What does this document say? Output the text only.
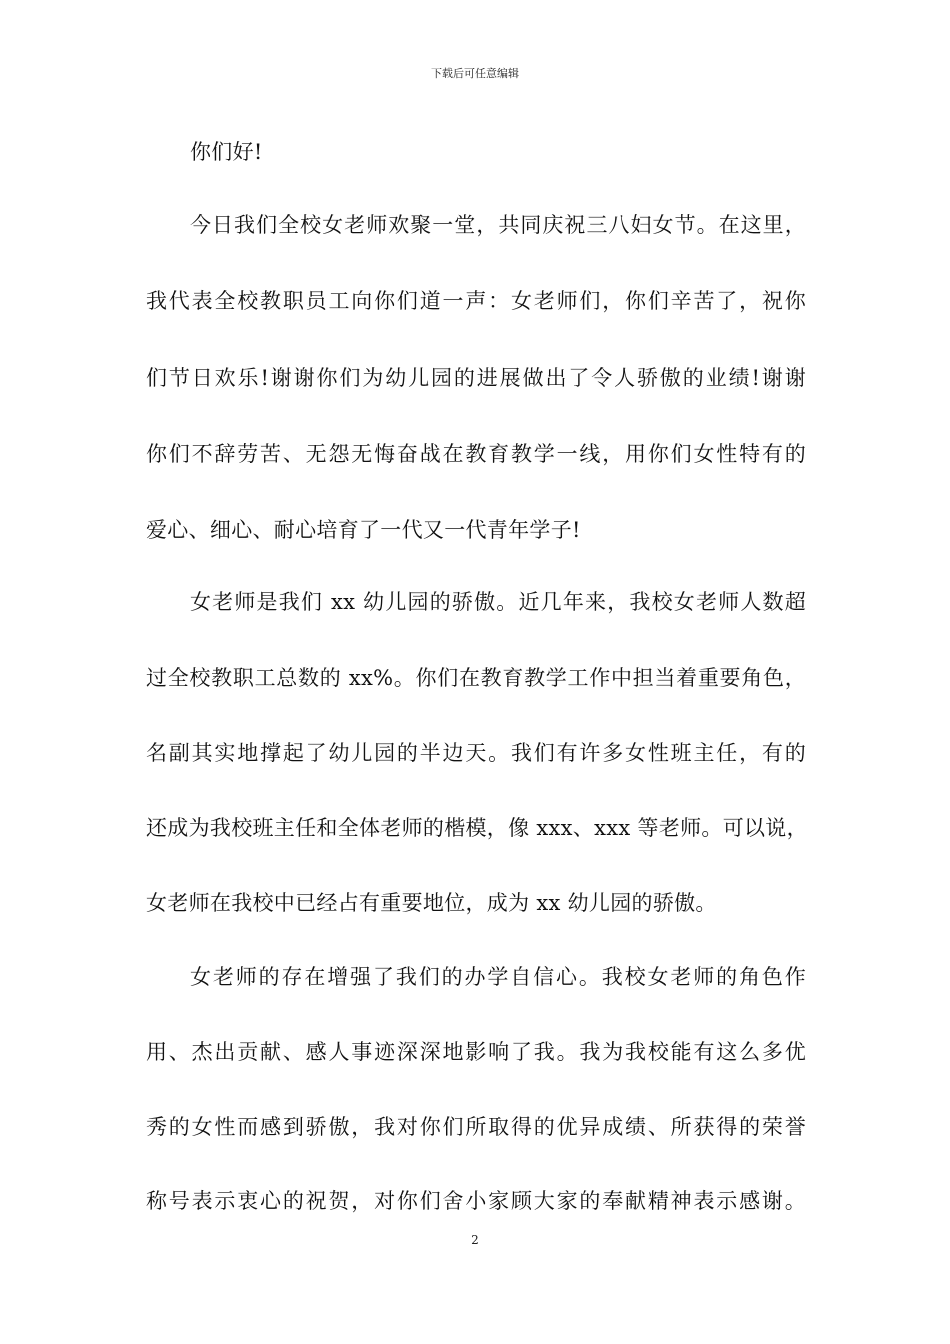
下载后可任意编辑
你们好!
今日我们全校女老师欢聚一堂，共同庆祝三八妇女节。在这里，
我代表全校教职员工向你们道一声：女老师们，你们辛苦了，祝你
们节日欢乐!谢谢你们为幼儿园的进展做出了令人骄傲的业绩!谢谢
你们不辞劳苦、无怨无悔奋战在教育教学一线，用你们女性特有的
爱心、细心、耐心培育了一代又一代青年学子!
女老师是我们 xx 幼儿园的骄傲。近几年来，我校女老师人数超
过全校教职工总数的 xx%。你们在教育教学工作中担当着重要角色，
名副其实地撑起了幼儿园的半边天。我们有许多女性班主任，有的
还成为我校班主任和全体老师的楷模，像 xxx、xxx 等老师。可以说，
女老师在我校中已经占有重要地位，成为 xx 幼儿园的骄傲。
女老师的存在增强了我们的办学自信心。我校女老师的角色作
用、杰出贡献、感人事迹深深地影响了我。我为我校能有这么多优
秀的女性而感到骄傲，我对你们所取得的优异成绩、所获得的荣誉
称号表示衷心的祝贺，对你们舍小家顾大家的奉献精神表示感谢。
2
